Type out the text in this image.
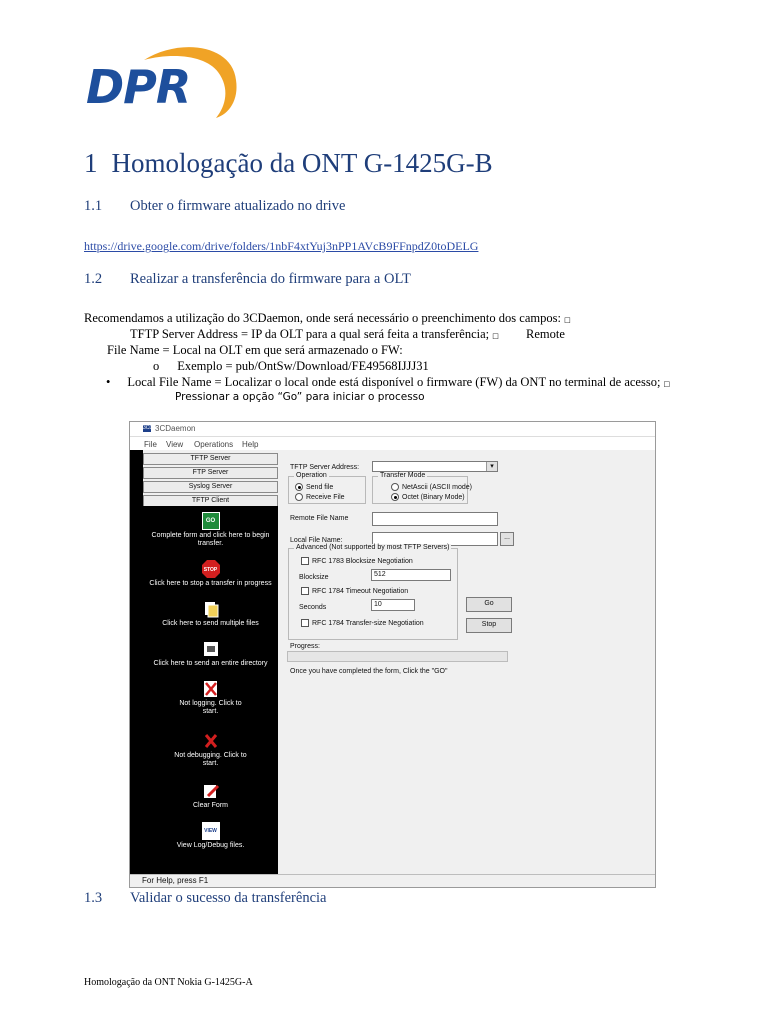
DPR
1 Homologação da ONT G-1425G-B
1.1 Obter o firmware atualizado no drive
https://drive.google.com/drive/folders/1nbF4xtYuj3nPP1AVcB9FFnpdZ0toDELG
1.2 Realizar a transferência do firmware para a OLT
Recomendamos a utilização do 3CDaemon, onde será necessário o preenchimento dos campos: □
TFTP Server Address = IP da OLT para a qual será feita a transferência; □ Remote
File Name = Local na OLT em que será armazenado o FW:
o Exemplo = pub/OntSw/Download/FE49568IJJJ31
• Local File Name = Localizar o local onde está disponível o firmware (FW) da ONT no terminal de acesso; □
Pressionar a opção “Go” para iniciar o processo
3CD 3CDaemon
File View Operations Help
TFTP Server
FTP Server
Syslog Server
TFTP Client
GO
Complete form and click here to begin transfer.
STOP
Click here to stop a transfer in progress
Click here to send multiple files
Click here to send an entire directory
Not logging. Click to start.
Not debugging. Click to start.
Clear Form
VIEW
View Log/Debug files.
TFTP Server Address:	▾
Operation
Send file
Receive File
Transfer Mode
NetAscii (ASCII mode)
Octet (Binary Mode)
Remote File Name
Local File Name:	...
Advanced (Not supported by most TFTP Servers)
RFC 1783 Blocksize Negotiation
Blocksize	512
RFC 1784 Timeout Negotiation
Seconds	10
RFC 1784 Transfer-size Negotiation
Go
Stop
Progress:
Once you have completed the form, Click the "GO"
For Help, press F1
1.3 Validar o sucesso da transferência
Homologação da ONT Nokia G-1425G-A
